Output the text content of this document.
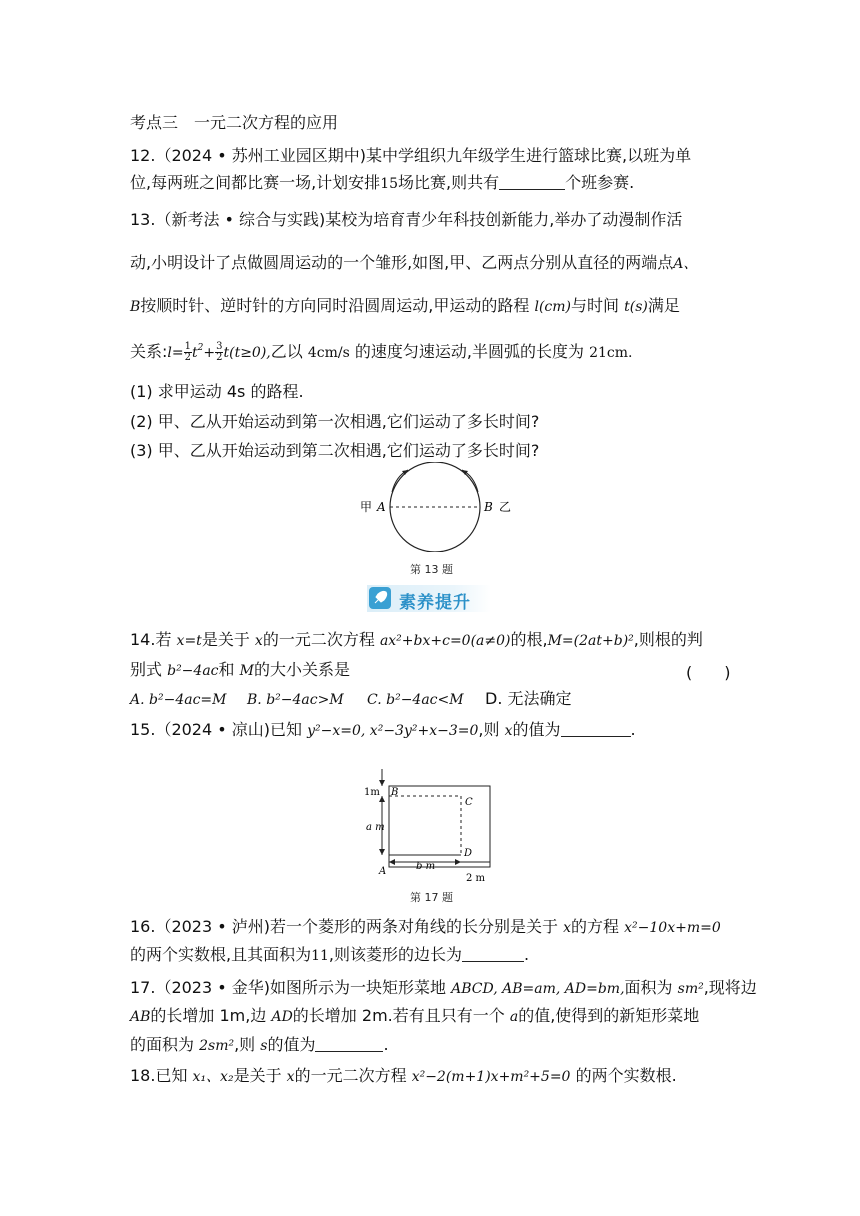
考点三　一元二次方程的应用
12.（2024 • 苏州工业园区期中)某中学组织九年级学生进行篮球比赛,以班为单
位,每两班之间都比赛一场,计划安排15场比赛,则共有	个班参赛.
13.（新考法 • 综合与实践)某校为培育青少年科技创新能力,举办了动漫制作活
动,小明设计了点做圆周运动的一个雏形,如图,甲、乙两点分别从直径的两端点A、
B按顺时针、逆时针的方向同时沿圆周运动,甲运动的路程 l(cm)与时间 t(s)满足
关系:l= $\frac{1}{2} t^2+ \frac{3}{2} t(t\ge 0)$,乙以 4cm/s 的速度匀速运动,半圆弧的长度为 21cm.
(1) 求甲运动 4s 的路程.
(2) 甲、乙从开始运动到第一次相遇,它们运动了多长时间?
(3) 甲、乙从开始运动到第二次相遇,它们运动了多长时间?
甲 A	B 乙
第 13 题
素养提升
14.若 x=t是关于 x的一元二次方程 ax²+bx+c=0(a≠0)的根,M=(2at+b)²,则根的判
别式 b²−4ac和 M的大小关系是	(　　)
A. b²−4ac=M B. b²−4ac>M C. b²−4ac<M D. 无法确定
15.（2024 • 凉山)已知 y²−x=0, x²−3y²+x−3=0,则 x的值为	.
1m
a m
b m
2 m
B
C
D
A
第 17 题
16.（2023 • 泸州)若一个菱形的两条对角线的长分别是关于 x的方程 x²−10x+m=0
的两个实数根,且其面积为11,则该菱形的边长为	.
17.（2023 • 金华)如图所示为一块矩形菜地 ABCD, AB=am, AD=bm,面积为 sm²,现将边
AB的长增加 1m,边 AD的长增加 2m.若有且只有一个 a的值,使得到的新矩形菜地
的面积为 2sm²,则 s的值为	.
18.已知 x₁、x₂是关于 x的一元二次方程 x²−2(m+1)x+m²+5=0 的两个实数根.
